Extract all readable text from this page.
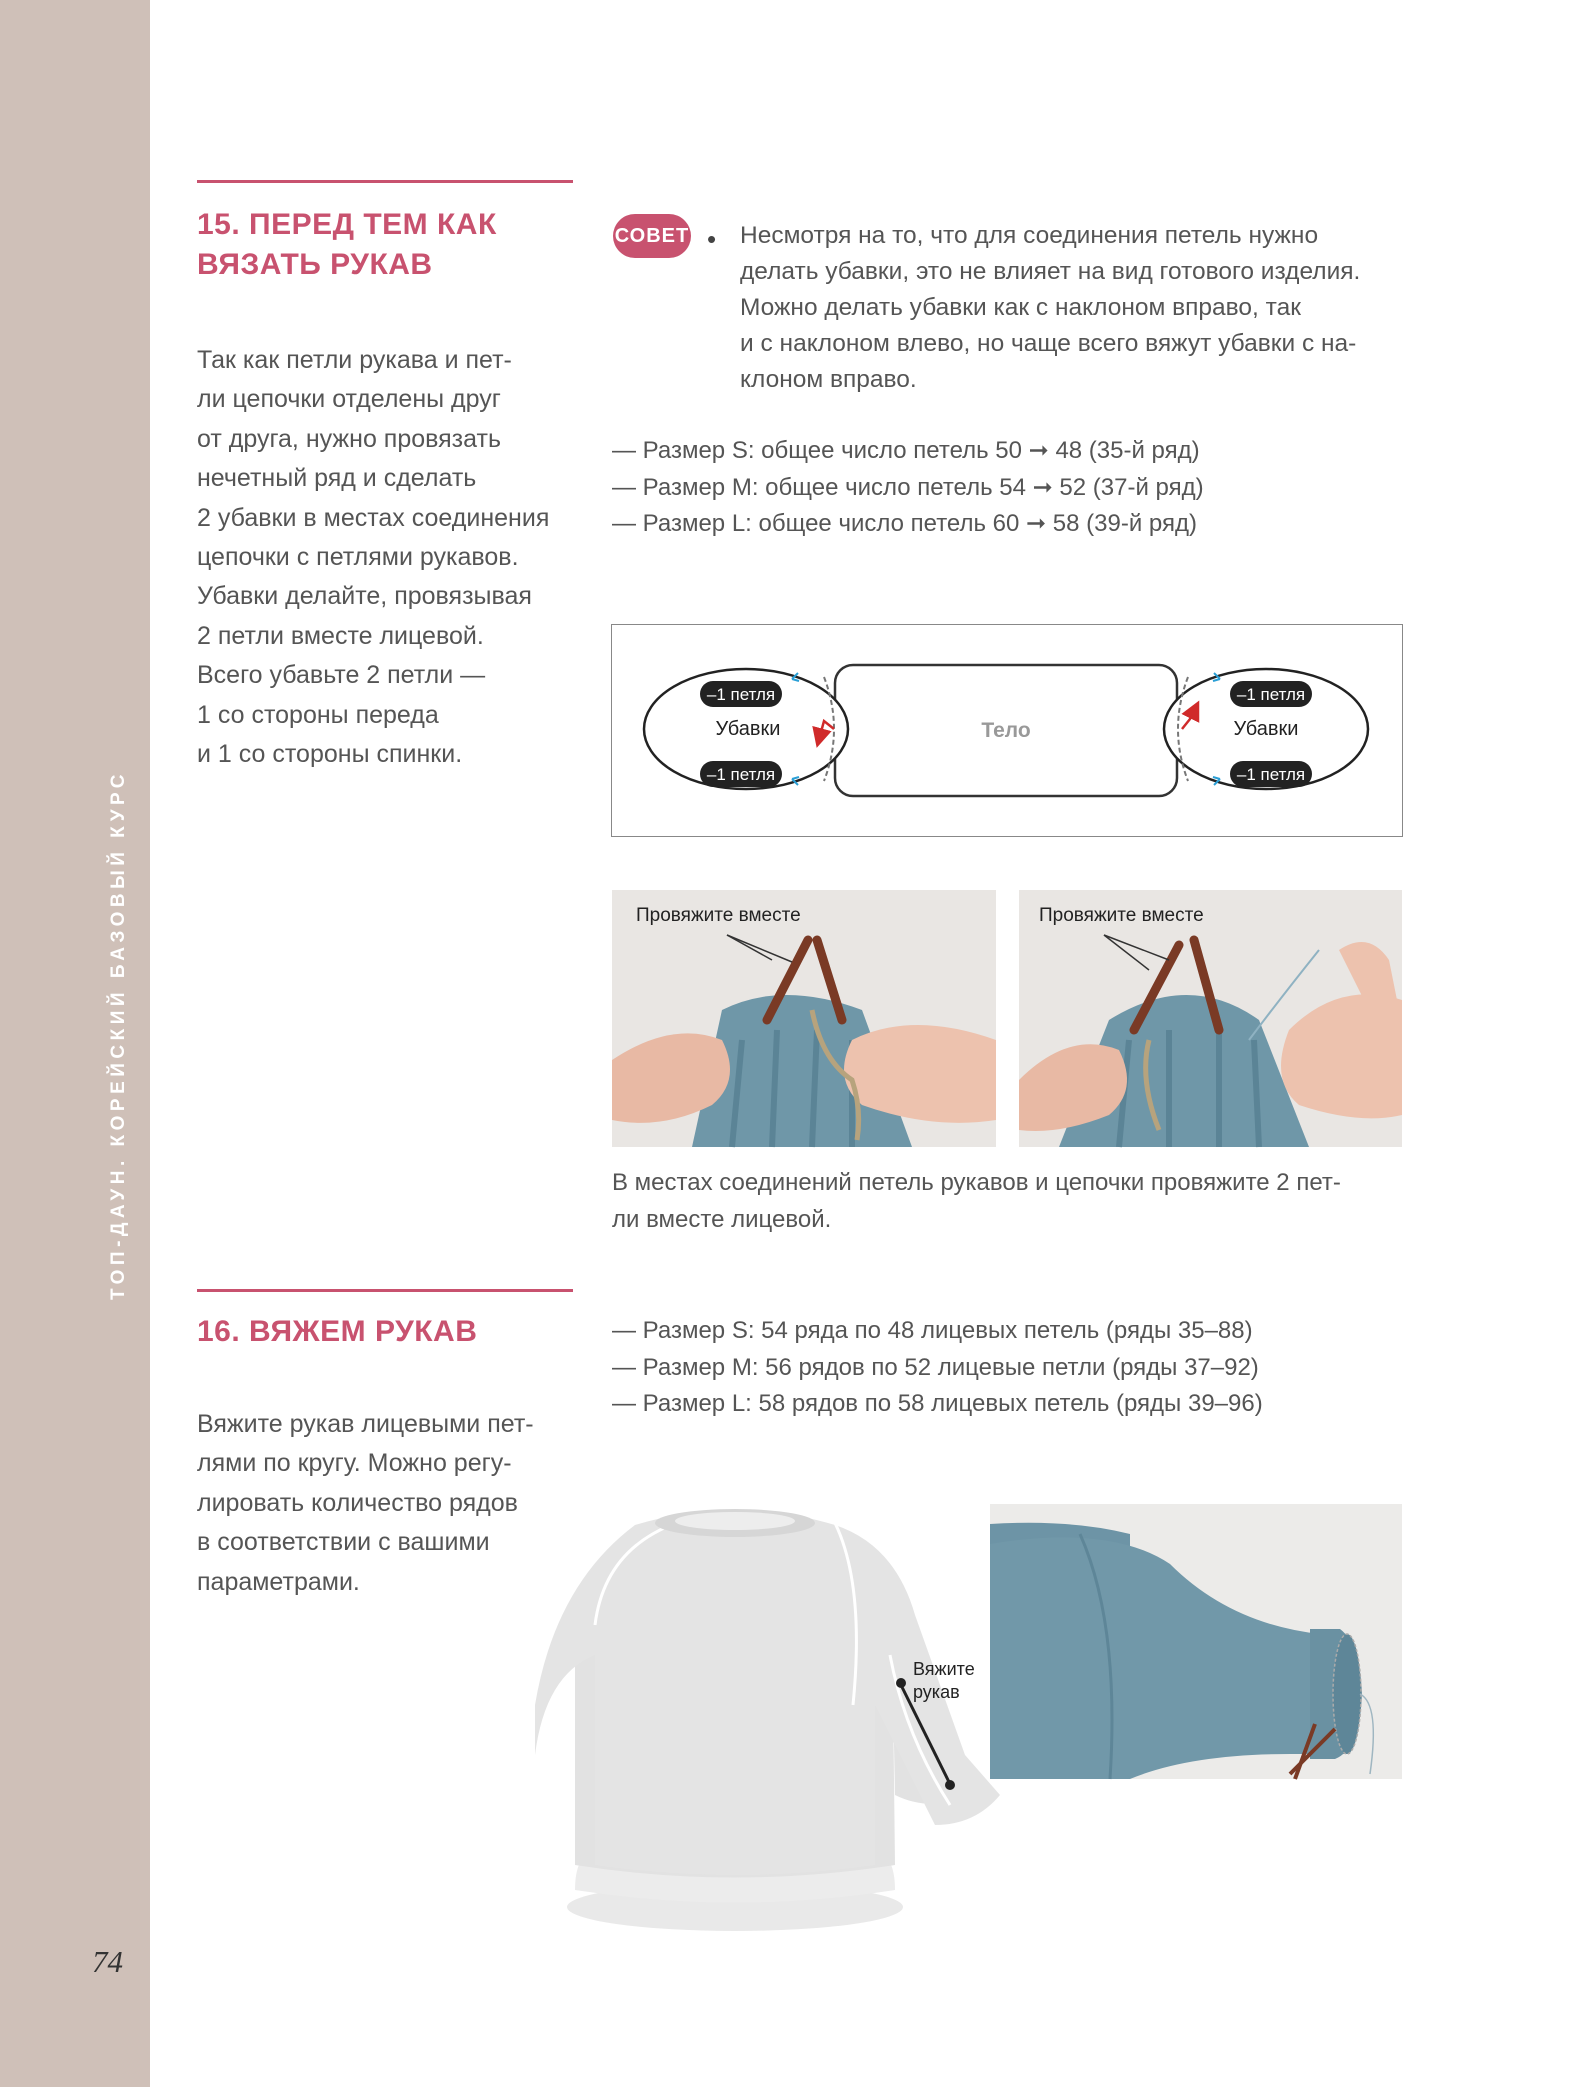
ТОП-ДАУН. КОРЕЙСКИЙ БАЗОВЫЙ КУРС
74
15. ПЕРЕД ТЕМ КАК
ВЯЗАТЬ РУКАВ
Так как петли рукава и пет-
ли цепочки отделены друг
от друга, нужно провязать
нечетный ряд и сделать
2 убавки в местах соединения
цепочки с петлями рукавов.
Убавки делайте, провязывая
2 петли вместе лицевой.
Всего убавьте 2 петли —
1 со стороны переда
и 1 со стороны спинки.
СОВЕТ • Несмотря на то, что для соединения петель нужно
делать убавки, это не влияет на вид готового изделия.
Можно делать убавки как с наклоном вправо, так
и с наклоном влево, но чаще всего вяжут убавки с на-
клоном вправо.
— Размер S: общее число петель 50 ➞ 48 (35-й ряд)
— Размер M: общее число петель 54 ➞ 52 (37-й ряд)
— Размер L: общее число петель 60 ➞ 58 (39-й ряд)
Тело
Убавки	Убавки
–1 петля
–1 петля
–1 петля
–1 петля
Провяжите вместе	Провяжите вместе
В местах соединений петель рукавов и цепочки провяжите 2 пет-
ли вместе лицевой.
16. ВЯЖЕМ РУКАВ
Вяжите рукав лицевыми пет-
лями по кругу. Можно регу-
лировать количество рядов
в соответствии с вашими
параметрами.
— Размер S: 54 ряда по 48 лицевых петель (ряды 35–88)
— Размер M: 56 рядов по 52 лицевые петли (ряды 37–92)
— Размер L: 58 рядов по 58 лицевых петель (ряды 39–96)
Вяжите
рукав
